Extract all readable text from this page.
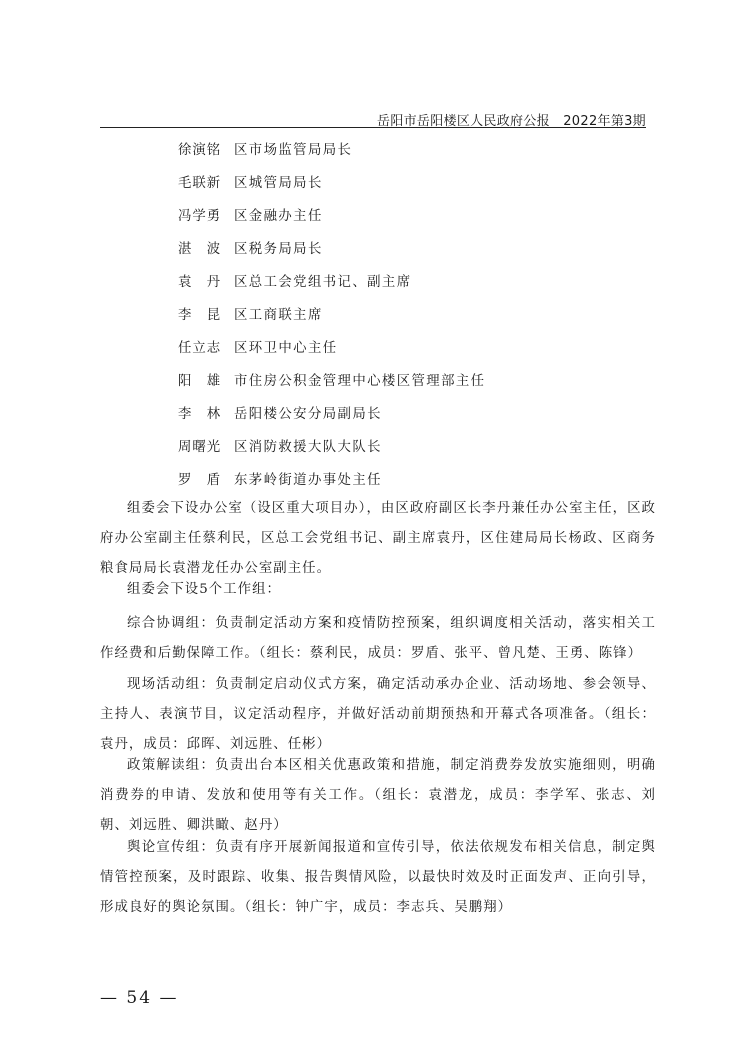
岳阳市岳阳楼区人民政府公报　2022年第3期
徐演铭 区市场监管局局长
毛联新 区城管局局长
冯学勇 区金融办主任
湛　波 区税务局局长
袁　丹 区总工会党组书记、副主席
李　昆 区工商联主席
任立志 区环卫中心主任
阳　雄 市住房公积金管理中心楼区管理部主任
李　林 岳阳楼公安分局副局长
周曙光 区消防救援大队大队长
罗　盾 东茅岭街道办事处主任

组委会下设办公室（设区重大项目办），由区政府副区长李丹兼任办公室主任，区政府办公室副主任蔡利民，区总工会党组书记、副主席袁丹，区住建局局长杨政、区商务粮食局局长袁潜龙任办公室副主任。

组委会下设5个工作组：

综合协调组：负责制定活动方案和疫情防控预案，组织调度相关活动，落实相关工作经费和后勤保障工作。（组长：蔡利民，成员：罗盾、张平、曾凡楚、王勇、陈锋）

现场活动组：负责制定启动仪式方案，确定活动承办企业、活动场地、参会领导、主持人、表演节目，议定活动程序，并做好活动前期预热和开幕式各项准备。（组长：袁丹，成员：邱晖、刘远胜、任彬）

政策解读组：负责出台本区相关优惠政策和措施，制定消费券发放实施细则，明确消费券的申请、发放和使用等有关工作。（组长：袁潜龙，成员：李学军、张志、刘朝、刘远胜、卿洪瞰、赵丹）

舆论宣传组：负责有序开展新闻报道和宣传引导，依法依规发布相关信息，制定舆情管控预案，及时跟踪、收集、报告舆情风险，以最快时效及时正面发声、正向引导，形成良好的舆论氛围。（组长：钟广宇，成员：李志兵、吴鹏翔）

— 54 —
